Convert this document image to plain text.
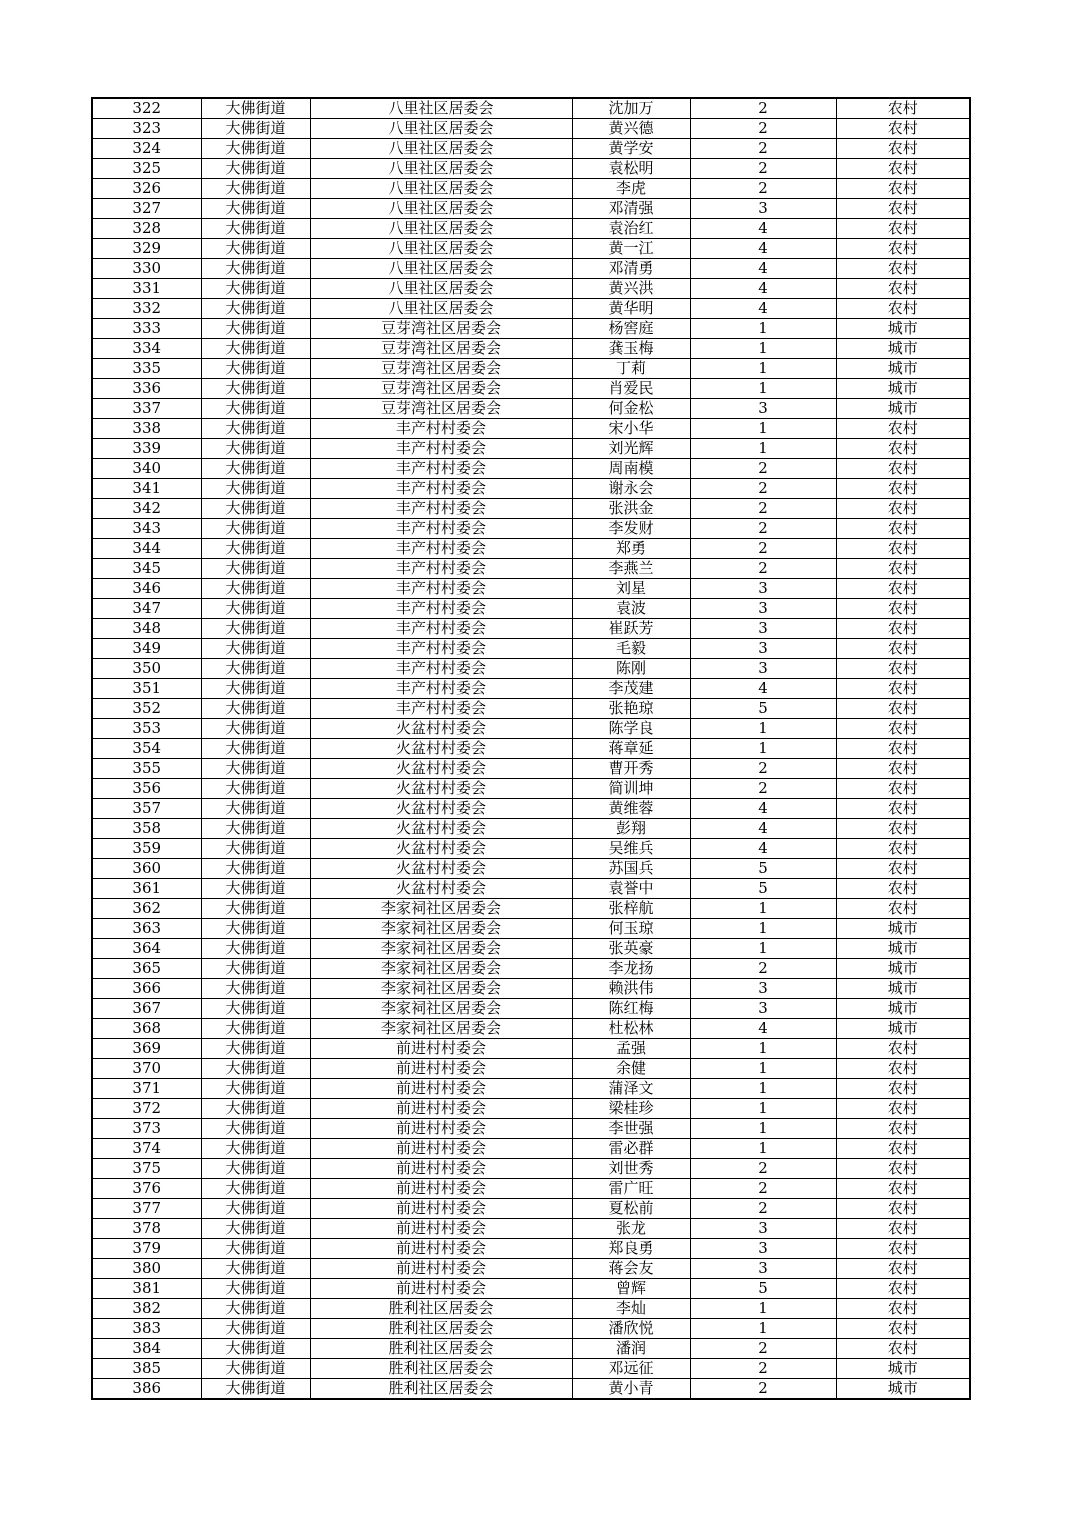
322	大佛街道	八里社区居委会	沈加万	2	农村
323	大佛街道	八里社区居委会	黄兴德	2	农村
324	大佛街道	八里社区居委会	黄学安	2	农村
325	大佛街道	八里社区居委会	袁松明	2	农村
326	大佛街道	八里社区居委会	李虎	2	农村
327	大佛街道	八里社区居委会	邓清强	3	农村
328	大佛街道	八里社区居委会	袁治红	4	农村
329	大佛街道	八里社区居委会	黄一江	4	农村
330	大佛街道	八里社区居委会	邓清勇	4	农村
331	大佛街道	八里社区居委会	黄兴洪	4	农村
332	大佛街道	八里社区居委会	黄华明	4	农村
333	大佛街道	豆芽湾社区居委会	杨窖庭	1	城市
334	大佛街道	豆芽湾社区居委会	龚玉梅	1	城市
335	大佛街道	豆芽湾社区居委会	丁莉	1	城市
336	大佛街道	豆芽湾社区居委会	肖爱民	1	城市
337	大佛街道	豆芽湾社区居委会	何金松	3	城市
338	大佛街道	丰产村村委会	宋小华	1	农村
339	大佛街道	丰产村村委会	刘光辉	1	农村
340	大佛街道	丰产村村委会	周南模	2	农村
341	大佛街道	丰产村村委会	谢永会	2	农村
342	大佛街道	丰产村村委会	张洪金	2	农村
343	大佛街道	丰产村村委会	李发财	2	农村
344	大佛街道	丰产村村委会	郑勇	2	农村
345	大佛街道	丰产村村委会	李燕兰	2	农村
346	大佛街道	丰产村村委会	刘星	3	农村
347	大佛街道	丰产村村委会	袁波	3	农村
348	大佛街道	丰产村村委会	崔跃芳	3	农村
349	大佛街道	丰产村村委会	毛毅	3	农村
350	大佛街道	丰产村村委会	陈刚	3	农村
351	大佛街道	丰产村村委会	李茂建	4	农村
352	大佛街道	丰产村村委会	张艳琼	5	农村
353	大佛街道	火盆村村委会	陈学良	1	农村
354	大佛街道	火盆村村委会	蒋章延	1	农村
355	大佛街道	火盆村村委会	曹开秀	2	农村
356	大佛街道	火盆村村委会	简训坤	2	农村
357	大佛街道	火盆村村委会	黄维蓉	4	农村
358	大佛街道	火盆村村委会	彭翔	4	农村
359	大佛街道	火盆村村委会	吴维兵	4	农村
360	大佛街道	火盆村村委会	苏国兵	5	农村
361	大佛街道	火盆村村委会	袁誉中	5	农村
362	大佛街道	李家祠社区居委会	张梓航	1	农村
363	大佛街道	李家祠社区居委会	何玉琼	1	城市
364	大佛街道	李家祠社区居委会	张英豪	1	城市
365	大佛街道	李家祠社区居委会	李龙扬	2	城市
366	大佛街道	李家祠社区居委会	赖洪伟	3	城市
367	大佛街道	李家祠社区居委会	陈红梅	3	城市
368	大佛街道	李家祠社区居委会	杜松林	4	城市
369	大佛街道	前进村村委会	孟强	1	农村
370	大佛街道	前进村村委会	余健	1	农村
371	大佛街道	前进村村委会	蒲泽文	1	农村
372	大佛街道	前进村村委会	梁桂珍	1	农村
373	大佛街道	前进村村委会	李世强	1	农村
374	大佛街道	前进村村委会	雷必群	1	农村
375	大佛街道	前进村村委会	刘世秀	2	农村
376	大佛街道	前进村村委会	雷广旺	2	农村
377	大佛街道	前进村村委会	夏松前	2	农村
378	大佛街道	前进村村委会	张龙	3	农村
379	大佛街道	前进村村委会	郑良勇	3	农村
380	大佛街道	前进村村委会	蒋会友	3	农村
381	大佛街道	前进村村委会	曾辉	5	农村
382	大佛街道	胜利社区居委会	李灿	1	农村
383	大佛街道	胜利社区居委会	潘欣悦	1	农村
384	大佛街道	胜利社区居委会	潘润	2	农村
385	大佛街道	胜利社区居委会	邓远征	2	城市
386	大佛街道	胜利社区居委会	黄小青	2	城市
